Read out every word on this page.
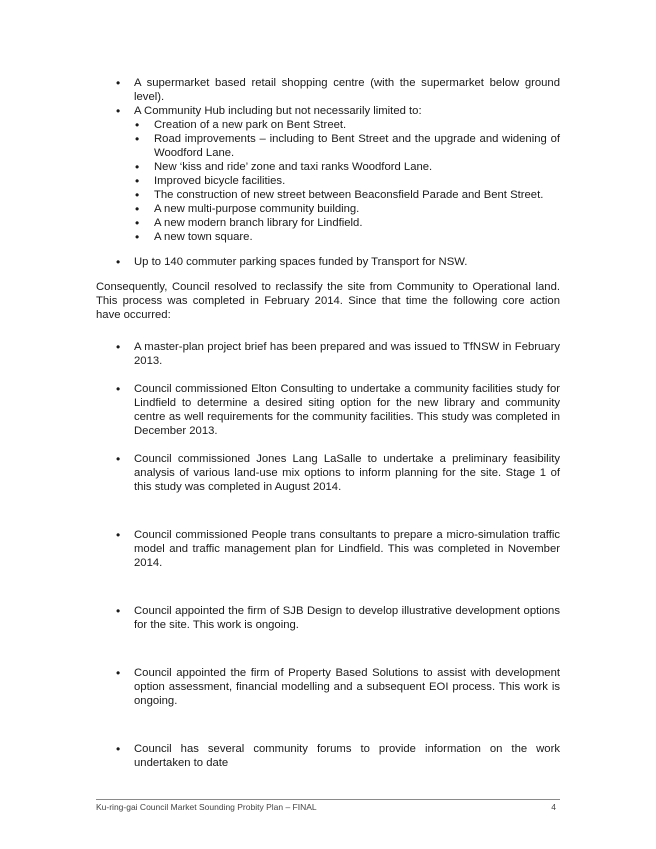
• A supermarket based retail shopping centre (with the supermarket below ground level).
• A Community Hub including but not necessarily limited to:
• Creation of a new park on Bent Street.
• Road improvements – including to Bent Street and the upgrade and widening of Woodford Lane.
• New ‘kiss and ride’ zone and taxi ranks Woodford Lane.
• Improved bicycle facilities.
• The construction of new street between Beaconsfield Parade and Bent Street.
• A new multi-purpose community building.
• A new modern branch library for Lindfield.
• A new town square.
• Up to 140 commuter parking spaces funded by Transport for NSW.

Consequently, Council resolved to reclassify the site from Community to Operational land. This process was completed in February 2014. Since that time the following core action have occurred:

• A master-plan project brief has been prepared and was issued to TfNSW in February 2013.
• Council commissioned Elton Consulting to undertake a community facilities study for Lindfield to determine a desired siting option for the new library and community centre as well requirements for the community facilities. This study was completed in December 2013.
• Council commissioned Jones Lang LaSalle to undertake a preliminary feasibility analysis of various land-use mix options to inform planning for the site. Stage 1 of this study was completed in August 2014.
• Council commissioned People trans consultants to prepare a micro-simulation traffic model and traffic management plan for Lindfield. This was completed in November 2014.
• Council appointed the firm of SJB Design to develop illustrative development options for the site. This work is ongoing.
• Council appointed the firm of Property Based Solutions to assist with development option assessment, financial modelling and a subsequent EOI process. This work is ongoing.
• Council has several community forums to provide information on the work undertaken to date
Ku-ring-gai Council Market Sounding Probity Plan – FINAL	4
